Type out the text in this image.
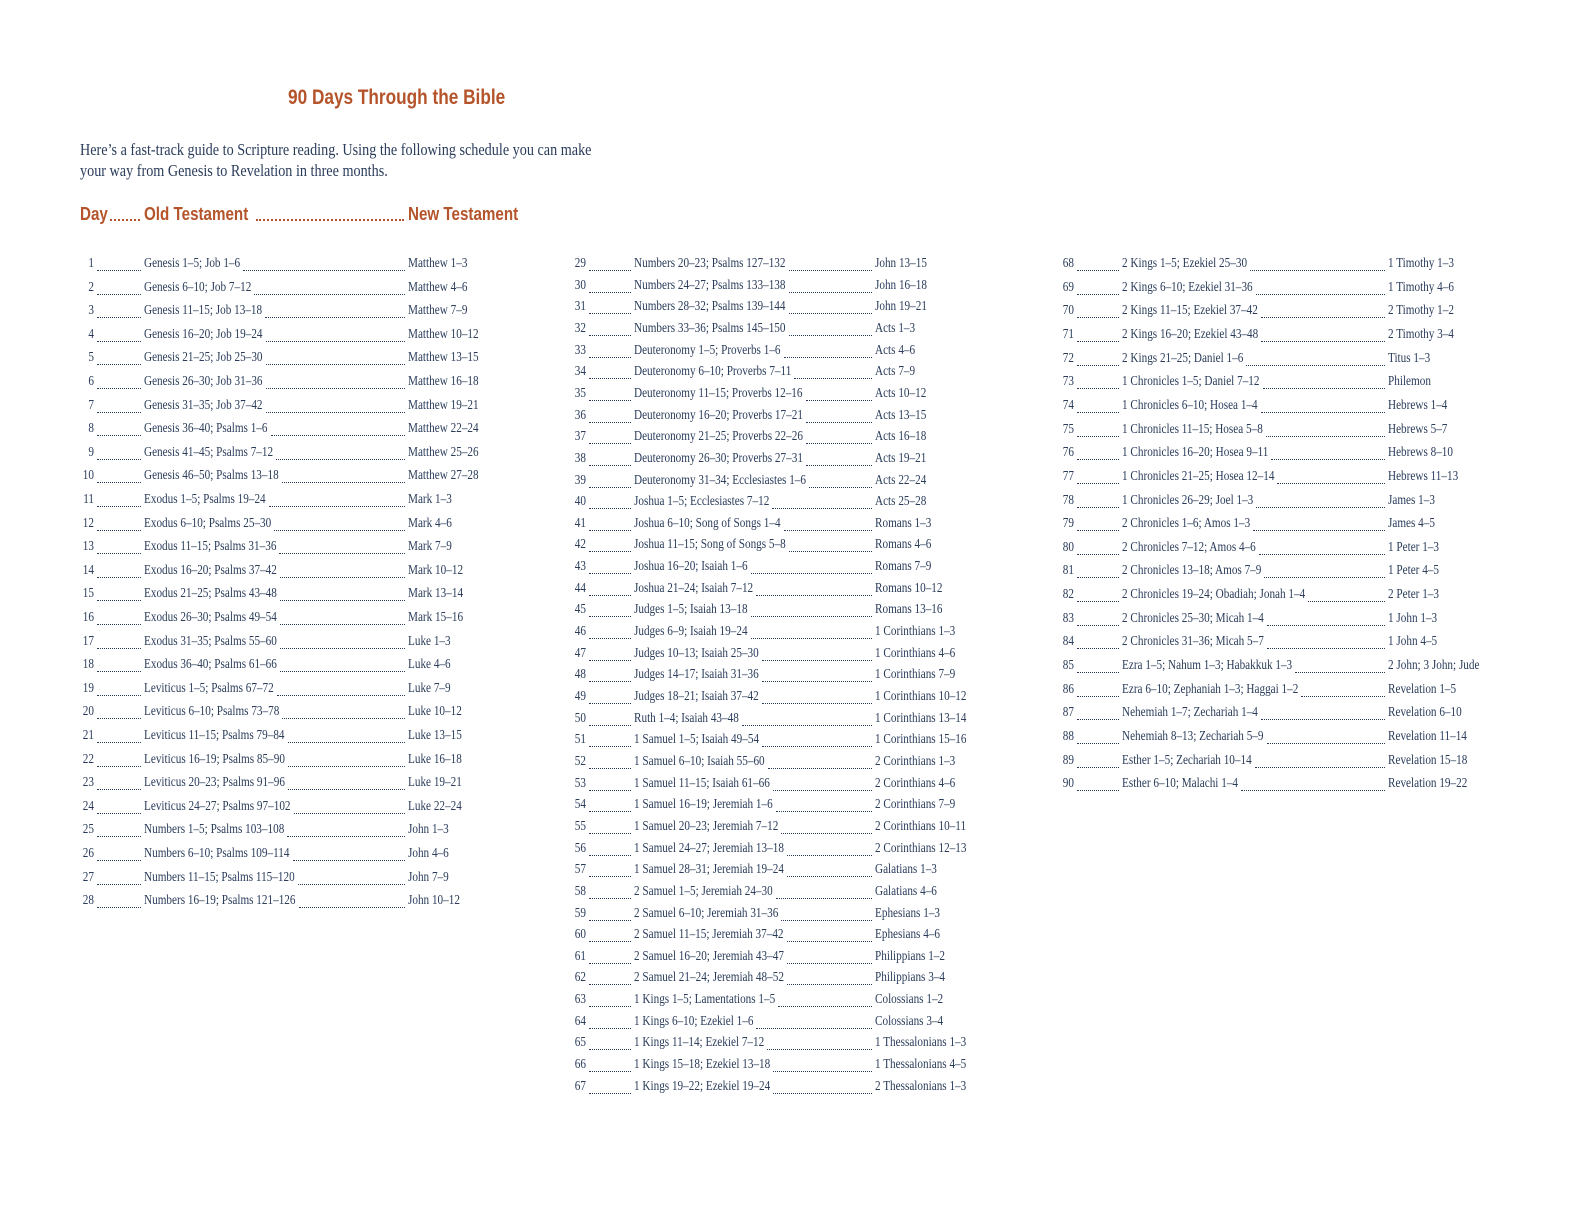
90 Days Through the Bible
Here’s a fast-track guide to Scripture reading. Using the following schedule you can make
your way from Genesis to Revelation in three months.
Day Old Testament	New Testament
1	Genesis 1–5; Job 1–6	Matthew 1–3
2	Genesis 6–10; Job 7–12	Matthew 4–6
3	Genesis 11–15; Job 13–18	Matthew 7–9
4	Genesis 16–20; Job 19–24	Matthew 10–12
5	Genesis 21–25; Job 25–30	Matthew 13–15
6	Genesis 26–30; Job 31–36	Matthew 16–18
7	Genesis 31–35; Job 37–42	Matthew 19–21
8	Genesis 36–40; Psalms 1–6	Matthew 22–24
9	Genesis 41–45; Psalms 7–12	Matthew 25–26
10	Genesis 46–50; Psalms 13–18	Matthew 27–28
11	Exodus 1–5; Psalms 19–24	Mark 1–3
12	Exodus 6–10; Psalms 25–30	Mark 4–6
13	Exodus 11–15; Psalms 31–36	Mark 7–9
14	Exodus 16–20; Psalms 37–42	Mark 10–12
15	Exodus 21–25; Psalms 43–48	Mark 13–14
16	Exodus 26–30; Psalms 49–54	Mark 15–16
17	Exodus 31–35; Psalms 55–60	Luke 1–3
18	Exodus 36–40; Psalms 61–66	Luke 4–6
19	Leviticus 1–5; Psalms 67–72	Luke 7–9
20	Leviticus 6–10; Psalms 73–78	Luke 10–12
21	Leviticus 11–15; Psalms 79–84	Luke 13–15
22	Leviticus 16–19; Psalms 85–90	Luke 16–18
23	Leviticus 20–23; Psalms 91–96	Luke 19–21
24	Leviticus 24–27; Psalms 97–102	Luke 22–24
25	Numbers 1–5; Psalms 103–108	John 1–3
26	Numbers 6–10; Psalms 109–114	John 4–6
27	Numbers 11–15; Psalms 115–120	John 7–9
28	Numbers 16–19; Psalms 121–126	John 10–12
29	Numbers 20–23; Psalms 127–132	John 13–15
30	Numbers 24–27; Psalms 133–138	John 16–18
31	Numbers 28–32; Psalms 139–144	John 19–21
32	Numbers 33–36; Psalms 145–150	Acts 1–3
33	Deuteronomy 1–5; Proverbs 1–6	Acts 4–6
34	Deuteronomy 6–10; Proverbs 7–11	Acts 7–9
35	Deuteronomy 11–15; Proverbs 12–16	Acts 10–12
36	Deuteronomy 16–20; Proverbs 17–21	Acts 13–15
37	Deuteronomy 21–25; Proverbs 22–26	Acts 16–18
38	Deuteronomy 26–30; Proverbs 27–31	Acts 19–21
39	Deuteronomy 31–34; Ecclesiastes 1–6	Acts 22–24
40	Joshua 1–5; Ecclesiastes 7–12	Acts 25–28
41	Joshua 6–10; Song of Songs 1–4	Romans 1–3
42	Joshua 11–15; Song of Songs 5–8	Romans 4–6
43	Joshua 16–20; Isaiah 1–6	Romans 7–9
44	Joshua 21–24; Isaiah 7–12	Romans 10–12
45	Judges 1–5; Isaiah 13–18	Romans 13–16
46	Judges 6–9; Isaiah 19–24	1 Corinthians 1–3
47	Judges 10–13; Isaiah 25–30	1 Corinthians 4–6
48	Judges 14–17; Isaiah 31–36	1 Corinthians 7–9
49	Judges 18–21; Isaiah 37–42	1 Corinthians 10–12
50	Ruth 1–4; Isaiah 43–48	1 Corinthians 13–14
51	1 Samuel 1–5; Isaiah 49–54	1 Corinthians 15–16
52	1 Samuel 6–10; Isaiah 55–60	2 Corinthians 1–3
53	1 Samuel 11–15; Isaiah 61–66	2 Corinthians 4–6
54	1 Samuel 16–19; Jeremiah 1–6	2 Corinthians 7–9
55	1 Samuel 20–23; Jeremiah 7–12	2 Corinthians 10–11
56	1 Samuel 24–27; Jeremiah 13–18	2 Corinthians 12–13
57	1 Samuel 28–31; Jeremiah 19–24	Galatians 1–3
58	2 Samuel 1–5; Jeremiah 24–30	Galatians 4–6
59	2 Samuel 6–10; Jeremiah 31–36	Ephesians 1–3
60	2 Samuel 11–15; Jeremiah 37–42	Ephesians 4–6
61	2 Samuel 16–20; Jeremiah 43–47	Philippians 1–2
62	2 Samuel 21–24; Jeremiah 48–52	Philippians 3–4
63	1 Kings 1–5; Lamentations 1–5	Colossians 1–2
64	1 Kings 6–10; Ezekiel 1–6	Colossians 3–4
65	1 Kings 11–14; Ezekiel 7–12	1 Thessalonians 1–3
66	1 Kings 15–18; Ezekiel 13–18	1 Thessalonians 4–5
67	1 Kings 19–22; Ezekiel 19–24	2 Thessalonians 1–3
68	2 Kings 1–5; Ezekiel 25–30	1 Timothy 1–3
69	2 Kings 6–10; Ezekiel 31–36	1 Timothy 4–6
70	2 Kings 11–15; Ezekiel 37–42	2 Timothy 1–2
71	2 Kings 16–20; Ezekiel 43–48	2 Timothy 3–4
72	2 Kings 21–25; Daniel 1–6	Titus 1–3
73	1 Chronicles 1–5; Daniel 7–12	Philemon
74	1 Chronicles 6–10; Hosea 1–4	Hebrews 1–4
75	1 Chronicles 11–15; Hosea 5–8	Hebrews 5–7
76	1 Chronicles 16–20; Hosea 9–11	Hebrews 8–10
77	1 Chronicles 21–25; Hosea 12–14	Hebrews 11–13
78	1 Chronicles 26–29; Joel 1–3	James 1–3
79	2 Chronicles 1–6; Amos 1–3	James 4–5
80	2 Chronicles 7–12; Amos 4–6	1 Peter 1–3
81	2 Chronicles 13–18; Amos 7–9	1 Peter 4–5
82	2 Chronicles 19–24; Obadiah; Jonah 1–4	2 Peter 1–3
83	2 Chronicles 25–30; Micah 1–4	1 John 1–3
84	2 Chronicles 31–36; Micah 5–7	1 John 4–5
85	Ezra 1–5; Nahum 1–3; Habakkuk 1–3	2 John; 3 John; Jude
86	Ezra 6–10; Zephaniah 1–3; Haggai 1–2	Revelation 1–5
87	Nehemiah 1–7; Zechariah 1–4	Revelation 6–10
88	Nehemiah 8–13; Zechariah 5–9	Revelation 11–14
89	Esther 1–5; Zechariah 10–14	Revelation 15–18
90	Esther 6–10; Malachi 1–4	Revelation 19–22
